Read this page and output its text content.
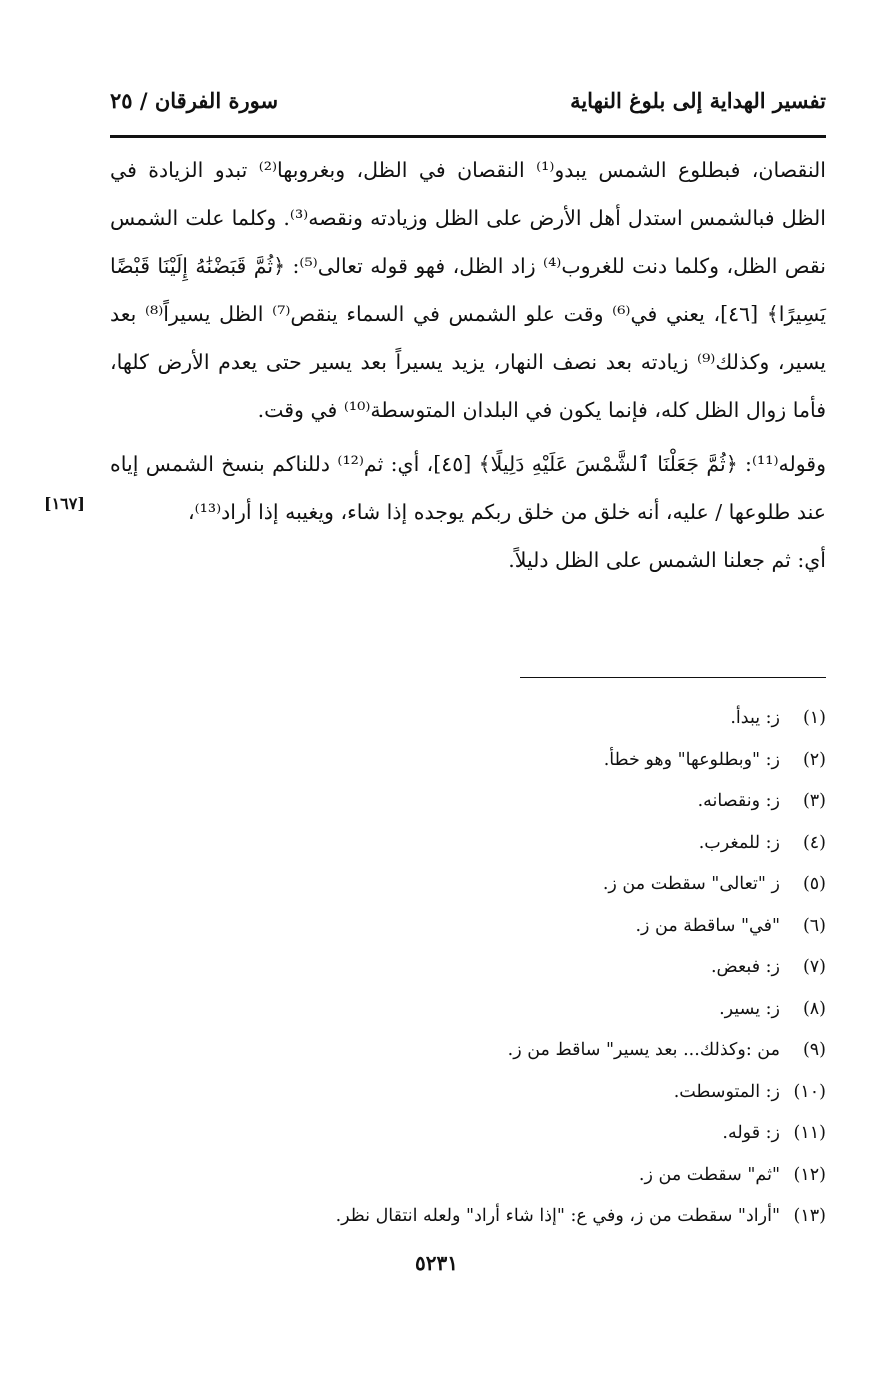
تفسير الهداية إلى بلوغ النهاية
سورة الفرقان / ٢٥

النقصان، فبطلوع الشمس يبدو⁽¹⁾ النقصان في الظل، وبغروبها⁽²⁾ تبدو الزيادة في الظل فبالشمس استدل أهل الأرض على الظل وزيادته ونقصه⁽³⁾. وكلما علت الشمس نقص الظل، وكلما دنت للغروب⁽⁴⁾ زاد الظل، فهو قوله تعالى⁽⁵⁾: ﴿ثُمَّ قَبَضْنَٰهُ إِلَيْنَا قَبْضًا يَسِيرًا﴾ [٤٦]، يعني في⁽⁶⁾ وقت علو الشمس في السماء ينقص⁽⁷⁾ الظل يسيراً⁽⁸⁾ بعد يسير، وكذلك⁽⁹⁾ زيادته بعد نصف النهار، يزيد يسيراً بعد يسير حتى يعدم الأرض كلها، فأما زوال الظل كله، فإنما يكون في البلدان المتوسطة⁽¹⁰⁾ في وقت.

وقوله⁽¹¹⁾: ﴿ثُمَّ جَعَلْنَا ٱلشَّمْسَ عَلَيْهِ دَلِيلًا﴾ [٤٥]، أي: ثم⁽¹²⁾ دللناكم بنسخ الشمس إياه عند طلوعها / عليه، أنه خلق من خلق ربكم يوجده إذا شاء، ويغيبه إذا أراد⁽¹³⁾،

أي: ثم جعلنا الشمس على الظل دليلاً.

[١٦٧]
(١)ز: يبدأ.
(٢)ز: "وبطلوعها" وهو خطأ.
(٣)ز: ونقصانه.
(٤)ز: للمغرب.
(٥)ز "تعالى" سقطت من ز.
(٦)"في" ساقطة من ز.
(٧)ز: فبعض.
(٨)ز: يسير.
(٩)من :وكذلك... بعد يسير" ساقط من ز.
(١٠)ز: المتوسطت.
(١١)ز: قوله.
(١٢)"ثم" سقطت من ز.
(١٣)"أراد" سقطت من ز، وفي ع: "إذا شاء أراد" ولعله انتقال نظر.
٥٢٣١
